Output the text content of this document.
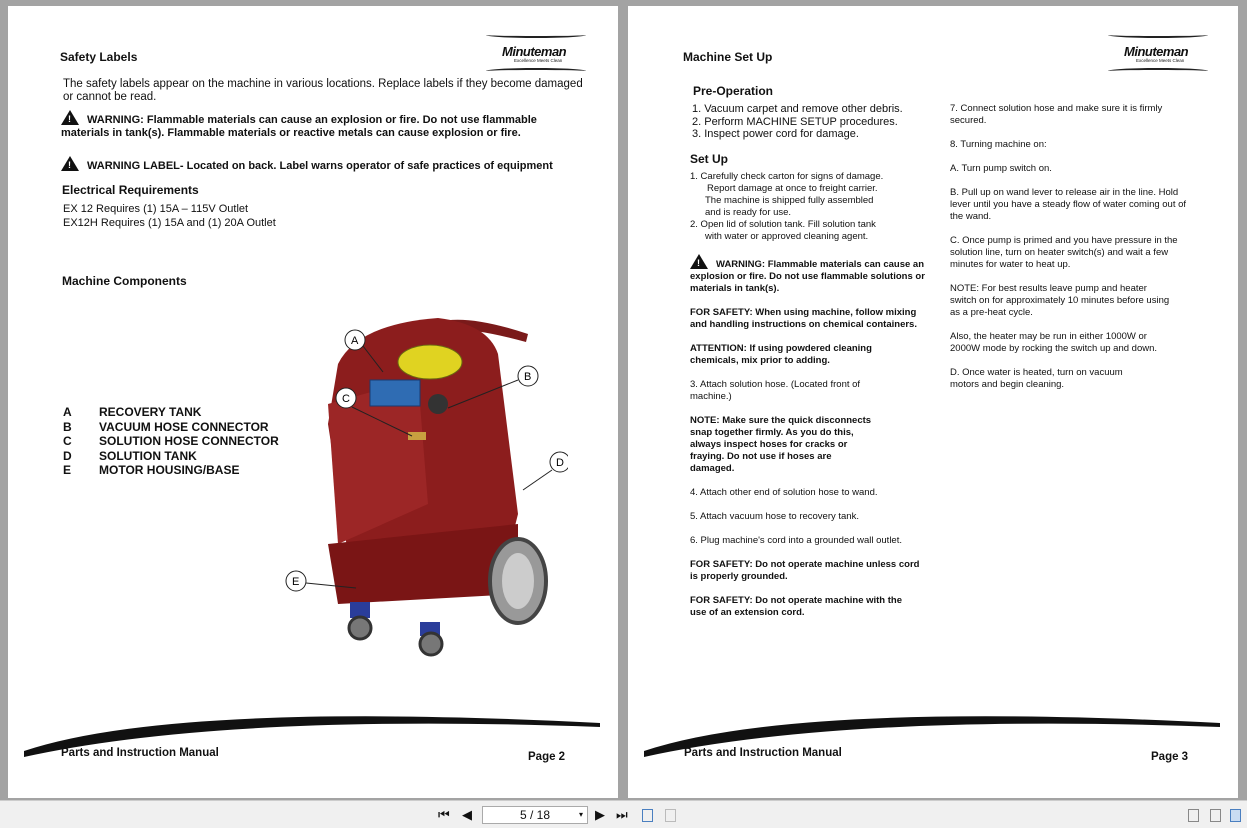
Safety Labels	Minuteman
Excellence Meets Clean
The safety labels appear on the machine in various locations. Replace labels if they become damaged or cannot be read.
!WARNING: Flammable materials can cause an explosion or fire. Do not use flammable materials in tank(s). Flammable materials or reactive metals can cause explosion or fire.
!WARNING LABEL- Located on back. Label warns operator of safe practices of equipment
Electrical Requirements
EX 12 Requires (1) 15A – 115V Outlet
EX12H Requires (1) 15A and (1) 20A Outlet
Machine Components
A RECOVERY TANK
B VACUUM HOSE CONNECTOR
C SOLUTION HOSE CONNECTOR
D SOLUTION TANK
E MOTOR HOUSING/BASE
A
B
C
D
E
Parts and Instruction Manual	Page 2
Machine Set Up	Minuteman
Excellence Meets Clean
Pre-Operation
1. Vacuum carpet and remove other debris.
2. Perform MACHINE SETUP procedures.
3. Inspect power cord for damage.
Set Up
1. Carefully check carton for signs of damage.
Report damage at once to freight carrier.
The machine is shipped fully assembled
and is ready for use.
2. Open lid of solution tank. Fill solution tank
with water or approved cleaning agent.
!WARNING: Flammable materials can cause an explosion or fire. Do not use flammable solutions or materials in tank(s).
FOR SAFETY: When using machine, follow mixing and handling instructions on chemical containers.
ATTENTION: If using powdered cleaning chemicals, mix prior to adding.
3. Attach solution hose. (Located front of machine.)
NOTE: Make sure the quick disconnects snap together firmly. As you do this, always inspect hoses for cracks or fraying. Do not use if hoses are damaged.
4. Attach other end of solution hose to wand.
5. Attach vacuum hose to recovery tank.
6. Plug machine's cord into a grounded wall outlet.
FOR SAFETY: Do not operate machine unless cord is properly grounded.
FOR SAFETY: Do not operate machine with the use of an extension cord.
7. Connect solution hose and make sure it is firmly secured.
8. Turning machine on:
A. Turn pump switch on.
B. Pull up on wand lever to release air in the line. Hold lever until you have a steady flow of water coming out of the wand.
C. Once pump is primed and you have pressure in the solution line, turn on heater switch(s) and wait a few minutes for water to heat up.
NOTE: For best results leave pump and heater switch on for approximately 10 minutes before using as a pre-heat cycle.
Also, the heater may be run in either 1000W or 2000W mode by rocking the switch up and down.
D. Once water is heated, turn on vacuum motors and begin cleaning.
Parts and Instruction Manual	Page 3
⏮ ◀	5 / 18	▾ ▶ ⏭
